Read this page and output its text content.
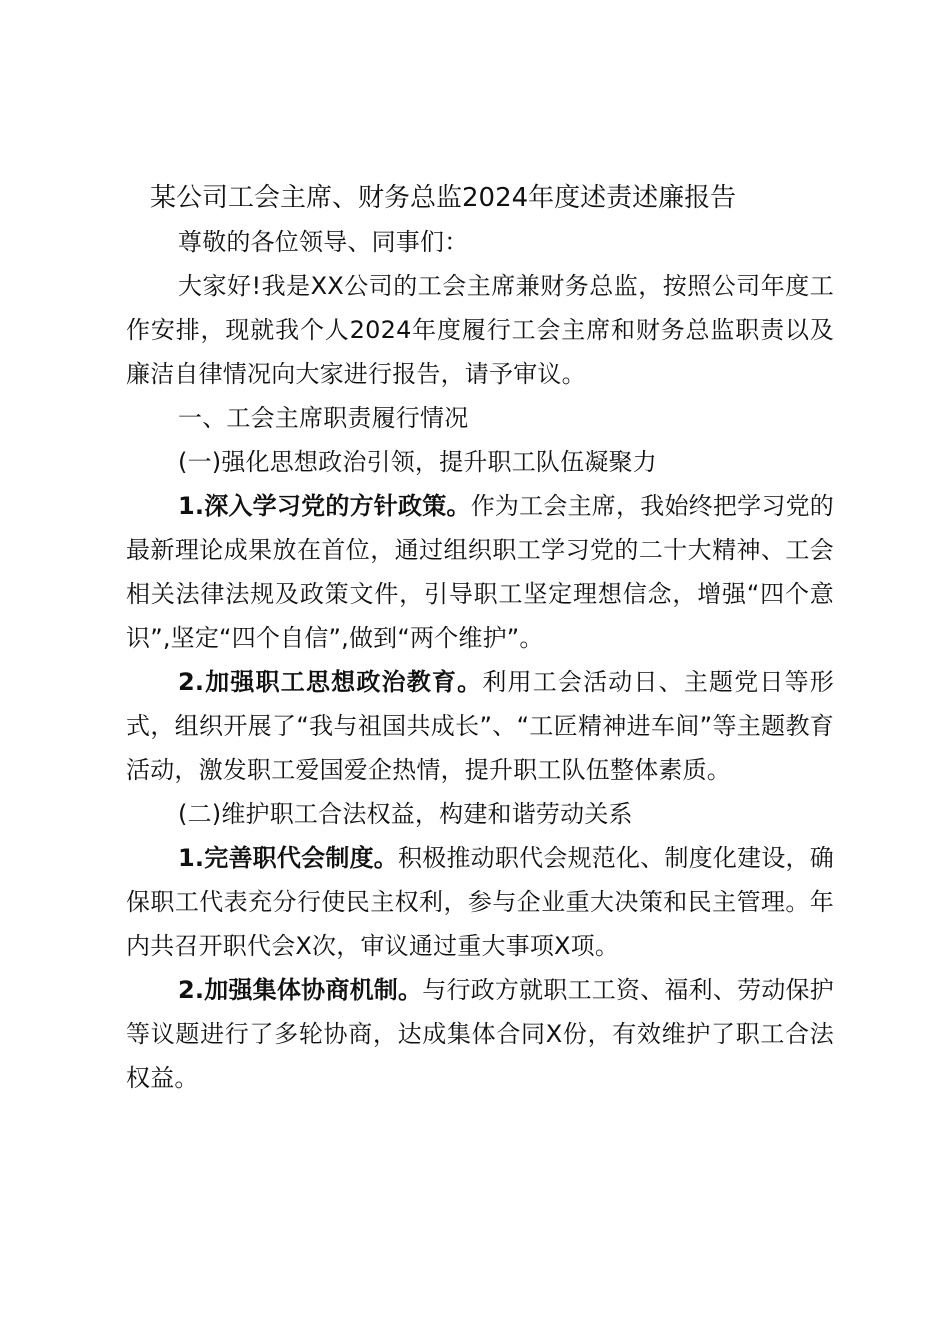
某公司工会主席、财务总监2024年度述责述廉报告

尊敬的各位领导、同事们：

大家好!我是XX公司的工会主席兼财务总监，按照公司年度工作安排，现就我个人2024年度履行工会主席和财务总监职责以及廉洁自律情况向大家进行报告，请予审议。

一、工会主席职责履行情况

(一)强化思想政治引领，提升职工队伍凝聚力

1.深入学习党的方针政策。作为工会主席，我始终把学习党的最新理论成果放在首位，通过组织职工学习党的二十大精神、工会相关法律法规及政策文件，引导职工坚定理想信念，增强“四个意识”,坚定“四个自信”,做到“两个维护”。

2.加强职工思想政治教育。利用工会活动日、主题党日等形式，组织开展了“我与祖国共成长”、“工匠精神进车间”等主题教育活动，激发职工爱国爱企热情，提升职工队伍整体素质。

(二)维护职工合法权益，构建和谐劳动关系

1.完善职代会制度。积极推动职代会规范化、制度化建设，确保职工代表充分行使民主权利，参与企业重大决策和民主管理。年内共召开职代会X次，审议通过重大事项X项。

2.加强集体协商机制。与行政方就职工工资、福利、劳动保护等议题进行了多轮协商，达成集体合同X份，有效维护了职工合法权益。
